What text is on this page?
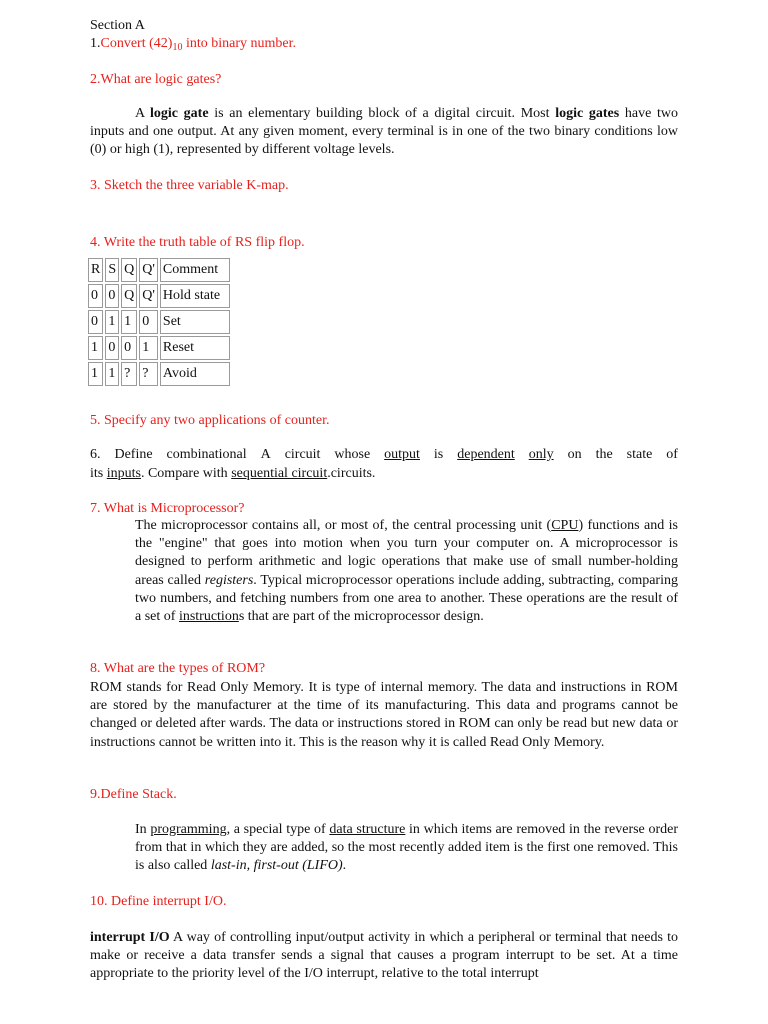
Section A
1.Convert $(42)_{10}$ into binary number.
2.What are logic gates?
A logic gate is an elementary building block of a digital circuit. Most logic gates have two inputs and one output. At any given moment, every terminal is in one of the two binary conditions low (0) or high (1), represented by different voltage levels.
3. Sketch the three variable K-map.
4. Write the truth table of RS flip flop.
R	S	Q	Q'	Comment
0	0	Q	Q'	Hold state
0	1	1	0	Set
1	0	0	1	Reset
1	1	?	?	Avoid
5. Specify any two applications of counter.
6. Define combinational A circuit whose output is dependent only on the state of
its inputs. Compare with sequential circuit.circuits.
7. What is Microprocessor?
The microprocessor contains all, or most of, the central processing unit (CPU) functions and is the "engine" that goes into motion when you turn your computer on. A microprocessor is designed to perform arithmetic and logic operations that make use of small number-holding areas called registers. Typical microprocessor operations include adding, subtracting, comparing two numbers, and fetching numbers from one area to another. These operations are the result of a set of instructions that are part of the microprocessor design.
8. What are the types of ROM?
ROM stands for Read Only Memory. It is type of internal memory. The data and instructions in ROM are stored by the manufacturer at the time of its manufacturing. This data and programs cannot be changed or deleted after wards. The data or instructions stored in ROM can only be read but new data or instructions cannot be written into it. This is the reason why it is called Read Only Memory.
9.Define Stack.
In programming, a special type of data structure in which items are removed in the reverse order from that in which they are added, so the most recently added item is the first one removed. This is also called last-in, first-out (LIFO).
10. Define interrupt I/O.
interrupt I/O A way of controlling input/output activity in which a peripheral or terminal that needs to make or receive a data transfer sends a signal that causes a program interrupt to be set. At a time appropriate to the priority level of the I/O interrupt, relative to the total interrupt
